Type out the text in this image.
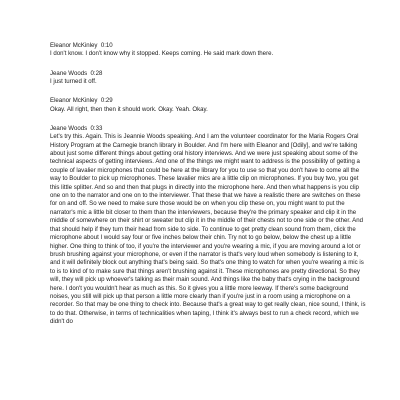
Eleanor McKinley 0:10

I don't know. I don't know why it stopped. Keeps coming. He said mark down there.

Jeane Woods 0:28

I just turned it off.

Eleanor McKinley 0:29

Okay. All right, then then it should work. Okay. Yeah. Okay.

Jeane Woods 0:33

Let's try this. Again. This is Jeannie Woods speaking. And I am the volunteer coordinator for the Maria Rogers Oral History Program at the Carnegie branch library in Boulder. And I'm here with Eleanor and [Odily], and we're talking about just some different things about getting oral history interviews. And we were just speaking about some of the technical aspects of getting interviews. And one of the things we might want to address is the possibility of getting a couple of lavalier microphones that could be here at the library for you to use so that you don't have to come all the way to Boulder to pick up microphones. These lavalier mics are a little clip on microphones. If you buy two, you get this little splitter. And so and then that plugs in directly into the microphone here. And then what happens is you clip one on to the narrator and one on to the interviewer. That these that we have a realistic there are switches on these for on and off. So we need to make sure those would be on when you clip these on, you might want to put the narrator's mic a little bit closer to them than the interviewers, because they're the primary speaker and clip it in the middle of somewhere on their shirt or sweater but clip it in the middle of their chests not to one side or the other. And that should help if they turn their head from side to side. To continue to get pretty clean sound from them, click the microphone about I would say four or five inches below their chin. Try not to go below, below the chest up a little higher. One thing to think of too, if you're the interviewer and you're wearing a mic, if you are moving around a lot or brush brushing against your microphone, or even if the narrator is that's very loud when somebody is listening to it, and it will definitely block out anything that's being said. So that's one thing to watch for when you're wearing a mic is to is to kind of to make sure that things aren't brushing against it. These microphones are pretty directional. So they will, they will pick up whoever's talking as their main sound. And things like the baby that's crying in the background here. I don't you wouldn't hear as much as this. So it gives you a little more leeway. If there's some background noises, you still will pick up that person a little more clearly than if you're just in a room using a microphone on a recorder. So that may be one thing to check into. Because that's a great way to get really clean, nice sound, I think, is to do that. Otherwise, in terms of technicalities when taping, I think it's always best to run a check record, which we didn't do
